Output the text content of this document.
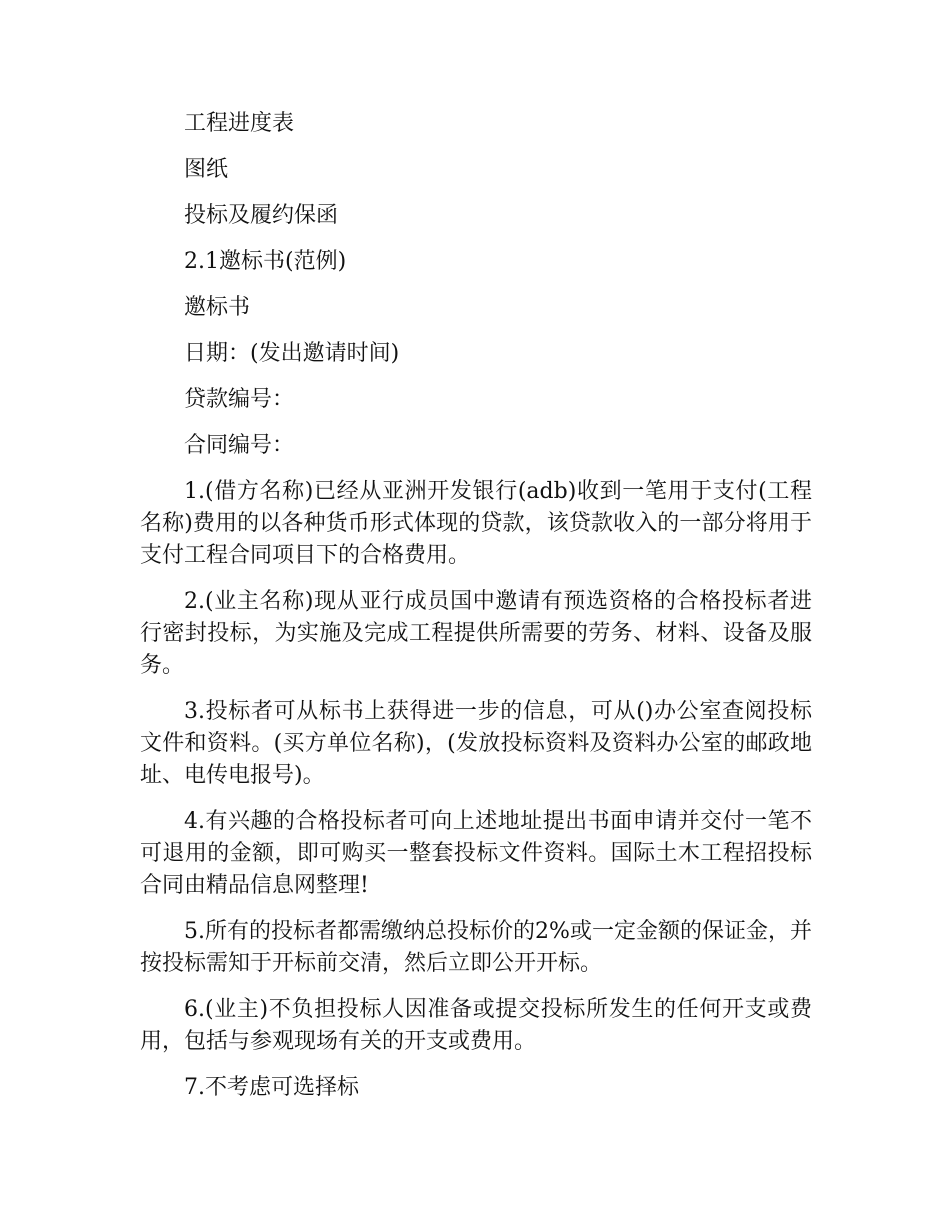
工程进度表

图纸

投标及履约保函

2.1邀标书(范例)

邀标书

日期：(发出邀请时间)

贷款编号：

合同编号：

1.(借方名称)已经从亚洲开发银行(adb)收到一笔用于支付(工程名称)费用的以各种货币形式体现的贷款，该贷款收入的一部分将用于支付工程合同项目下的合格费用。

2.(业主名称)现从亚行成员国中邀请有预选资格的合格投标者进行密封投标，为实施及完成工程提供所需要的劳务、材料、设备及服务。

3.投标者可从标书上获得进一步的信息，可从()办公室查阅投标文件和资料。(买方单位名称)，(发放投标资料及资料办公室的邮政地址、电传电报号)。

4.有兴趣的合格投标者可向上述地址提出书面申请并交付一笔不可退用的金额，即可购买一整套投标文件资料。国际土木工程招投标合同由精品信息网整理!

5.所有的投标者都需缴纳总投标价的2%或一定金额的保证金，并按投标需知于开标前交清，然后立即公开开标。

6.(业主)不负担投标人因准备或提交投标所发生的任何开支或费用，包括与参观现场有关的开支或费用。

7.不考虑可选择标
